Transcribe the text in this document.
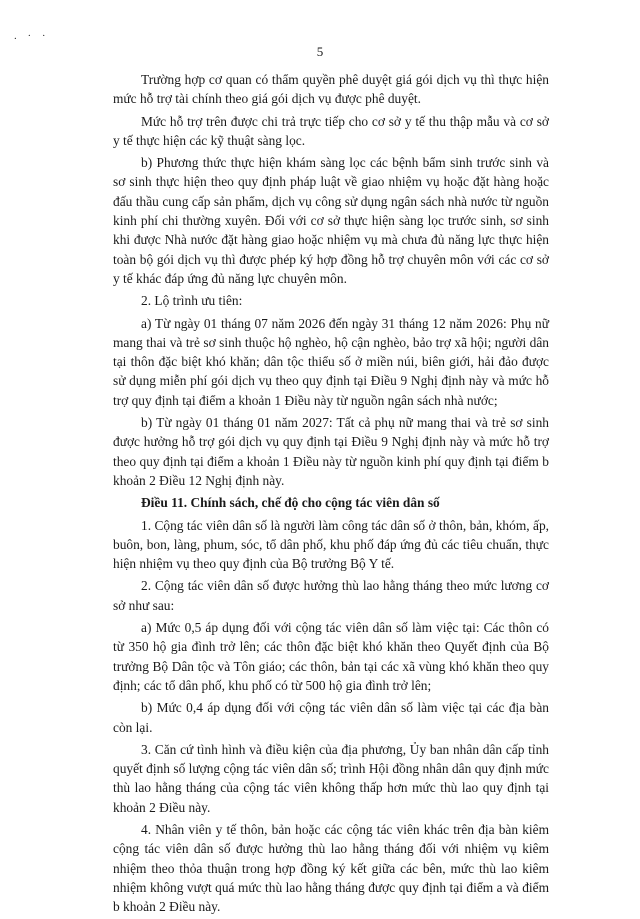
. · ·
5

Trường hợp cơ quan có thẩm quyền phê duyệt giá gói dịch vụ thì thực hiện mức hỗ trợ tài chính theo giá gói dịch vụ được phê duyệt.

Mức hỗ trợ trên được chi trả trực tiếp cho cơ sở y tế thu thập mẫu và cơ sở y tế thực hiện các kỹ thuật sàng lọc.

b) Phương thức thực hiện khám sàng lọc các bệnh bẩm sinh trước sinh và sơ sinh thực hiện theo quy định pháp luật về giao nhiệm vụ hoặc đặt hàng hoặc đấu thầu cung cấp sản phẩm, dịch vụ công sử dụng ngân sách nhà nước từ nguồn kinh phí chi thường xuyên. Đối với cơ sở thực hiện sàng lọc trước sinh, sơ sinh khi được Nhà nước đặt hàng giao hoặc nhiệm vụ mà chưa đủ năng lực thực hiện toàn bộ gói dịch vụ thì được phép ký hợp đồng hỗ trợ chuyên môn với các cơ sở y tế khác đáp ứng đủ năng lực chuyên môn.

2. Lộ trình ưu tiên:

a) Từ ngày 01 tháng 07 năm 2026 đến ngày 31 tháng 12 năm 2026: Phụ nữ mang thai và trẻ sơ sinh thuộc hộ nghèo, hộ cận nghèo, bảo trợ xã hội; người dân tại thôn đặc biệt khó khăn; dân tộc thiểu số ở miền núi, biên giới, hải đảo được sử dụng miễn phí gói dịch vụ theo quy định tại Điều 9 Nghị định này và mức hỗ trợ quy định tại điểm a khoản 1 Điều này từ nguồn ngân sách nhà nước;

b) Từ ngày 01 tháng 01 năm 2027: Tất cả phụ nữ mang thai và trẻ sơ sinh được hưởng hỗ trợ gói dịch vụ quy định tại Điều 9 Nghị định này và mức hỗ trợ theo quy định tại điểm a khoản 1 Điều này từ nguồn kinh phí quy định tại điểm b khoản 2 Điều 12 Nghị định này.

Điều 11. Chính sách, chế độ cho cộng tác viên dân số

1. Cộng tác viên dân số là người làm công tác dân số ở thôn, bản, khóm, ấp, buôn, bon, làng, phum, sóc, tổ dân phố, khu phố đáp ứng đủ các tiêu chuẩn, thực hiện nhiệm vụ theo quy định của Bộ trưởng Bộ Y tế.

2. Cộng tác viên dân số được hưởng thù lao hằng tháng theo mức lương cơ sở như sau:

a) Mức 0,5 áp dụng đối với cộng tác viên dân số làm việc tại: Các thôn có từ 350 hộ gia đình trở lên; các thôn đặc biệt khó khăn theo Quyết định của Bộ trưởng Bộ Dân tộc và Tôn giáo; các thôn, bản tại các xã vùng khó khăn theo quy định; các tổ dân phố, khu phố có từ 500 hộ gia đình trở lên;

b) Mức 0,4 áp dụng đối với cộng tác viên dân số làm việc tại các địa bàn còn lại.

3. Căn cứ tình hình và điều kiện của địa phương, Ủy ban nhân dân cấp tỉnh quyết định số lượng cộng tác viên dân số; trình Hội đồng nhân dân quy định mức thù lao hằng tháng của cộng tác viên không thấp hơn mức thù lao quy định tại khoản 2 Điều này.

4. Nhân viên y tế thôn, bản hoặc các cộng tác viên khác trên địa bàn kiêm cộng tác viên dân số được hưởng thù lao hằng tháng đối với nhiệm vụ kiêm nhiệm theo thỏa thuận trong hợp đồng ký kết giữa các bên, mức thù lao kiêm nhiệm không vượt quá mức thù lao hằng tháng được quy định tại điểm a và điểm b khoản 2 Điều này.
